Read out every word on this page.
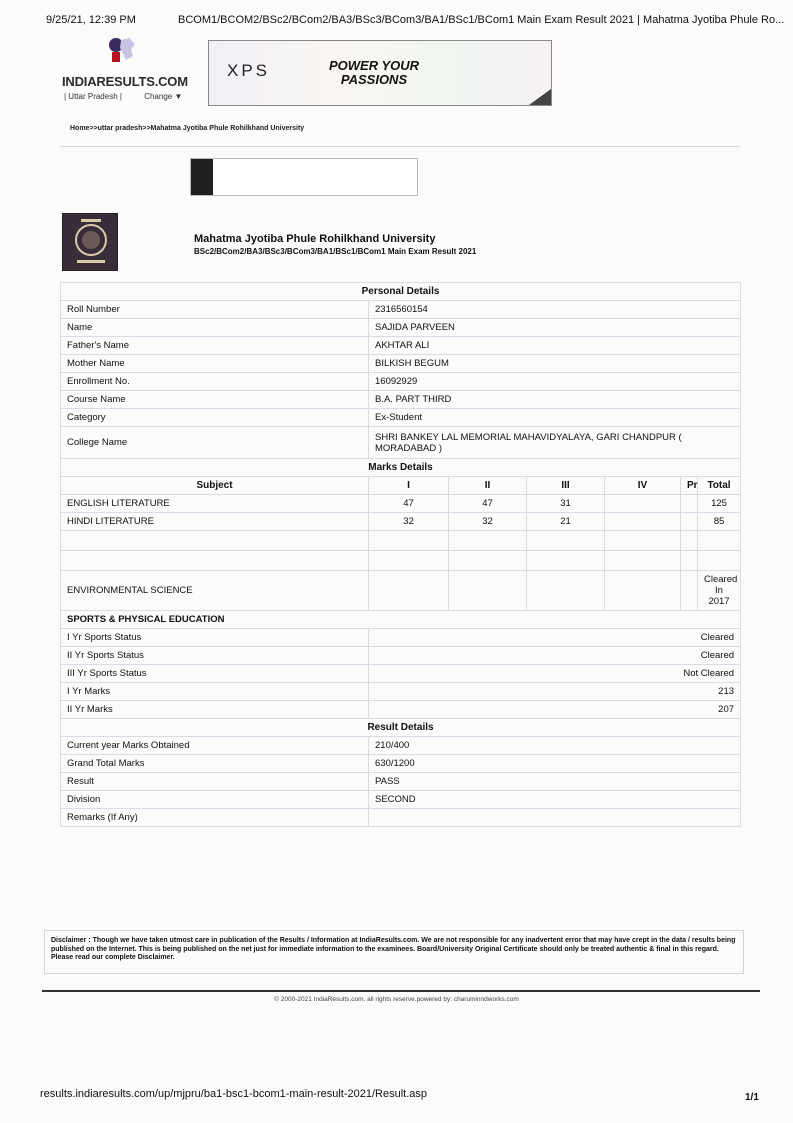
9/25/21, 12:39 PM	BCOM1/BCOM2/BSc2/BCom2/BA3/BSc3/BCom3/BA1/BSc1/BCom1 Main Exam Result 2021 | Mahatma Jyotiba Phule Ro...
INDIARESULTS.COM
| Uttar Pradesh |	Change ▼
XPS	POWER YOUR PASSIONS
Home>>uttar pradesh>>Mahatma Jyotiba Phule Rohilkhand University
Mahatma Jyotiba Phule Rohilkhand University
BSc2/BCom2/BA3/BSc3/BCom3/BA1/BSc1/BCom1 Main Exam Result 2021
Personal Details						
Roll Number	2316560154					
Name	SAJIDA PARVEEN					
Father's Name	AKHTAR ALI					
Mother Name	BILKISH BEGUM					
Enrollment No.	16092929					
Course Name	B.A. PART THIRD					
Category	Ex-Student					
College Name	SHRI BANKEY LAL MEMORIAL MAHAVIDYALAYA, GARI CHANDPUR ( MORADABAD )					
Marks Details						
Subject	I	II	III	IV	Pr	Total
ENGLISH LITERATURE	47	47	31			125
HINDI LITERATURE	32	32	21			85

ENVIRONMENTAL SCIENCE						Cleared In 2017
SPORTS & PHYSICAL EDUCATION						
I Yr Sports Status	Cleared					
II Yr Sports Status	Cleared					
III Yr Sports Status	Not Cleared					
I Yr Marks	213					
II Yr Marks	207					
Result Details						
Current year Marks Obtained	210/400					
Grand Total Marks	630/1200					
Result	PASS					
Division	SECOND					
Remarks (If Any)						
Disclaimer : Though we have taken utmost care in publication of the Results / Information at IndiaResults.com. We are not responsible for any inadvertent error that may have crept in the data / results being published on the Internet. This is being published on the net just for immediate information to the examinees. Board/University Original Certificate should only be treated authentic & final in this regard. Please read our complete Disclaimer.
© 2000-2021 IndiaResults.com. all rights reserve.powered by: charuminndworks.com
results.indiaresults.com/up/mjpru/ba1-bsc1-bcom1-main-result-2021/Result.asp	1/1
